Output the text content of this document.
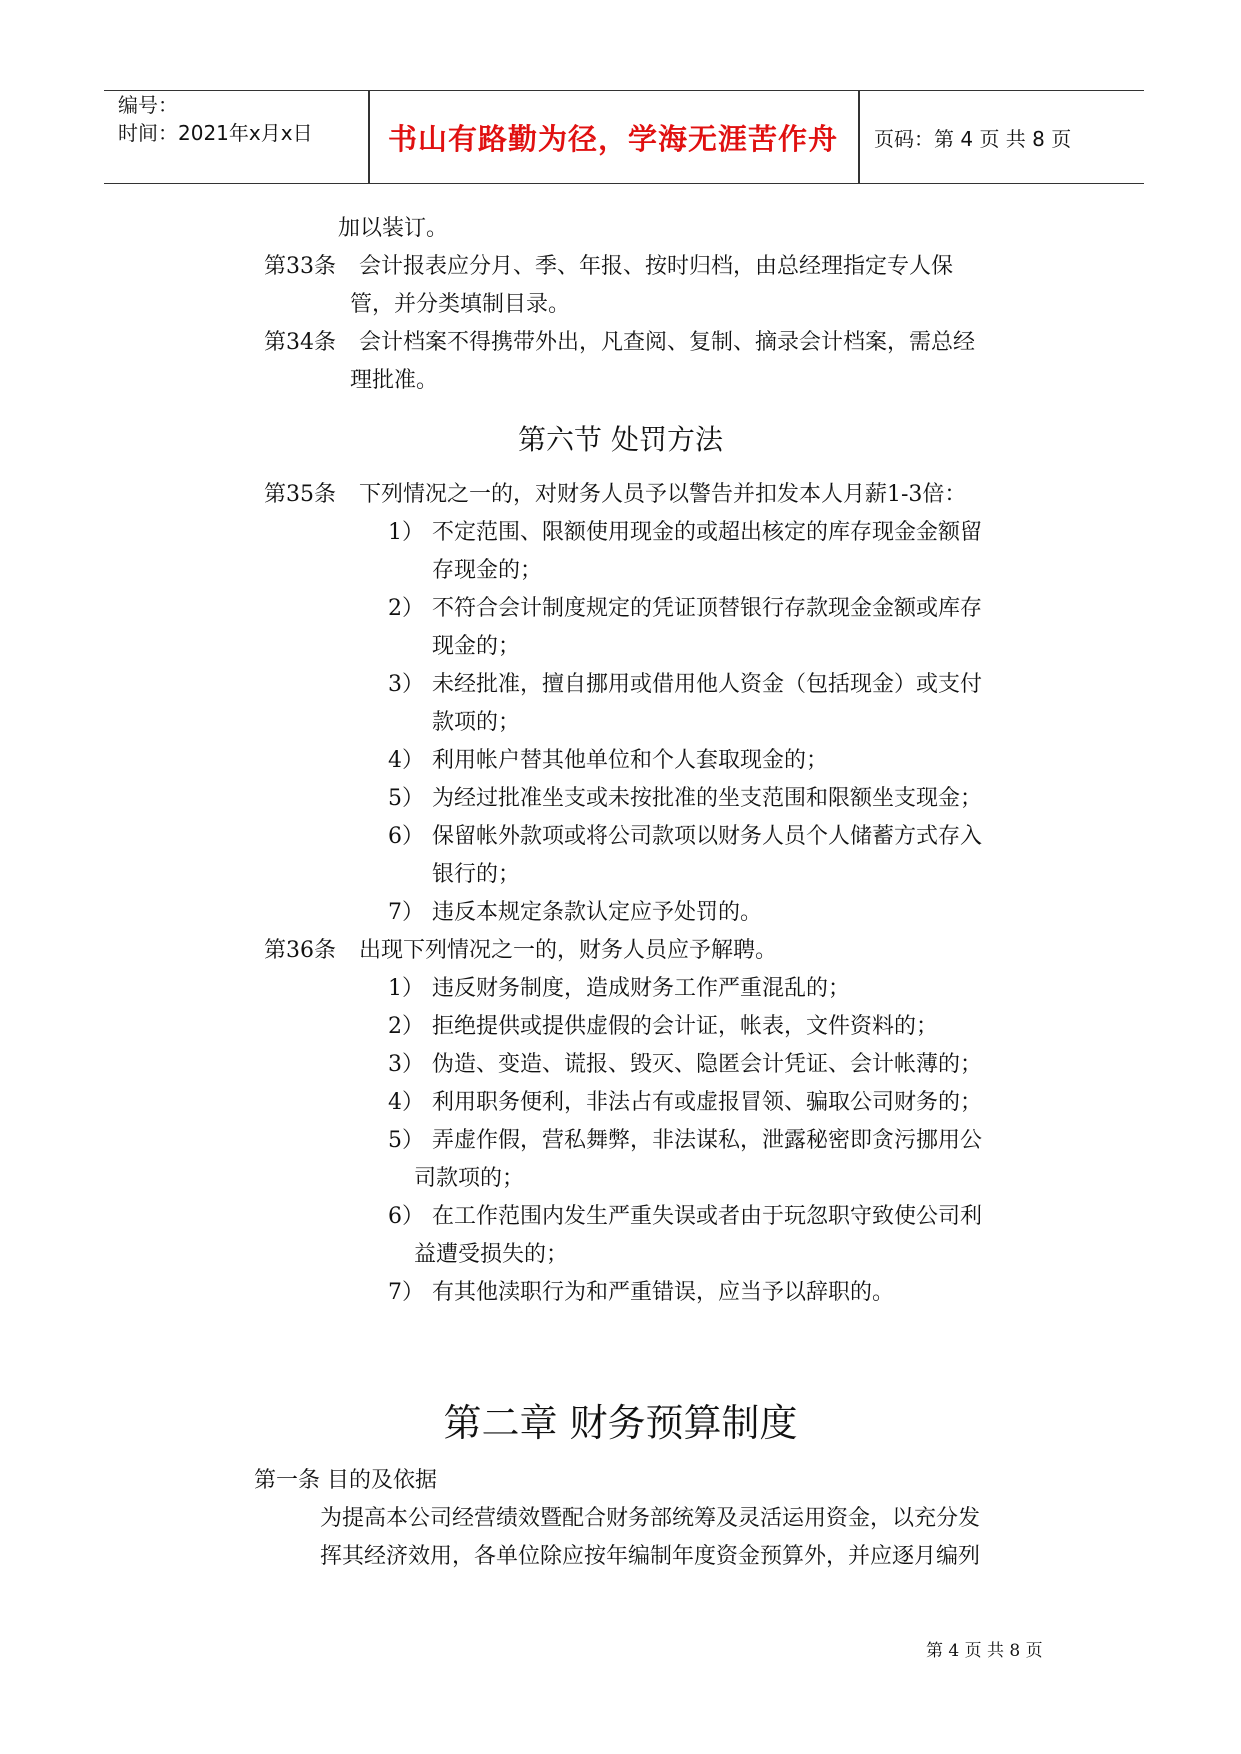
编号：
时间：2021年x月x日	书山有路勤为径，学海无涯苦作舟	页码：第 4 页 共 8 页
加以装订。
第33条 会计报表应分月、季、年报、按时归档，由总经理指定专人保
管，并分类填制目录。
第34条 会计档案不得携带外出，凡查阅、复制、摘录会计档案，需总经
理批准。
第六节 处罚方法
第35条 下列情况之一的，对财务人员予以警告并扣发本人月薪1-3倍：
1） 不定范围、限额使用现金的或超出核定的库存现金金额留
存现金的；
2） 不符合会计制度规定的凭证顶替银行存款现金金额或库存
现金的；
3） 未经批准，擅自挪用或借用他人资金（包括现金）或支付
款项的；
4） 利用帐户替其他单位和个人套取现金的；
5） 为经过批准坐支或未按批准的坐支范围和限额坐支现金；
6） 保留帐外款项或将公司款项以财务人员个人储蓄方式存入
银行的；
7） 违反本规定条款认定应予处罚的。
第36条 出现下列情况之一的，财务人员应予解聘。
1） 违反财务制度，造成财务工作严重混乱的；
2） 拒绝提供或提供虚假的会计证，帐表，文件资料的；
3） 伪造、变造、谎报、毁灭、隐匿会计凭证、会计帐薄的；
4） 利用职务便利，非法占有或虚报冒领、骗取公司财务的；
5） 弄虚作假，营私舞弊，非法谋私，泄露秘密即贪污挪用公
司款项的；
6） 在工作范围内发生严重失误或者由于玩忽职守致使公司利
益遭受损失的；
7） 有其他渎职行为和严重错误，应当予以辞职的。
第二章 财务预算制度
第一条 目的及依据
为提高本公司经营绩效暨配合财务部统筹及灵活运用资金，以充分发
挥其经济效用，各单位除应按年编制年度资金预算外，并应逐月编列
第 4 页 共 8 页
